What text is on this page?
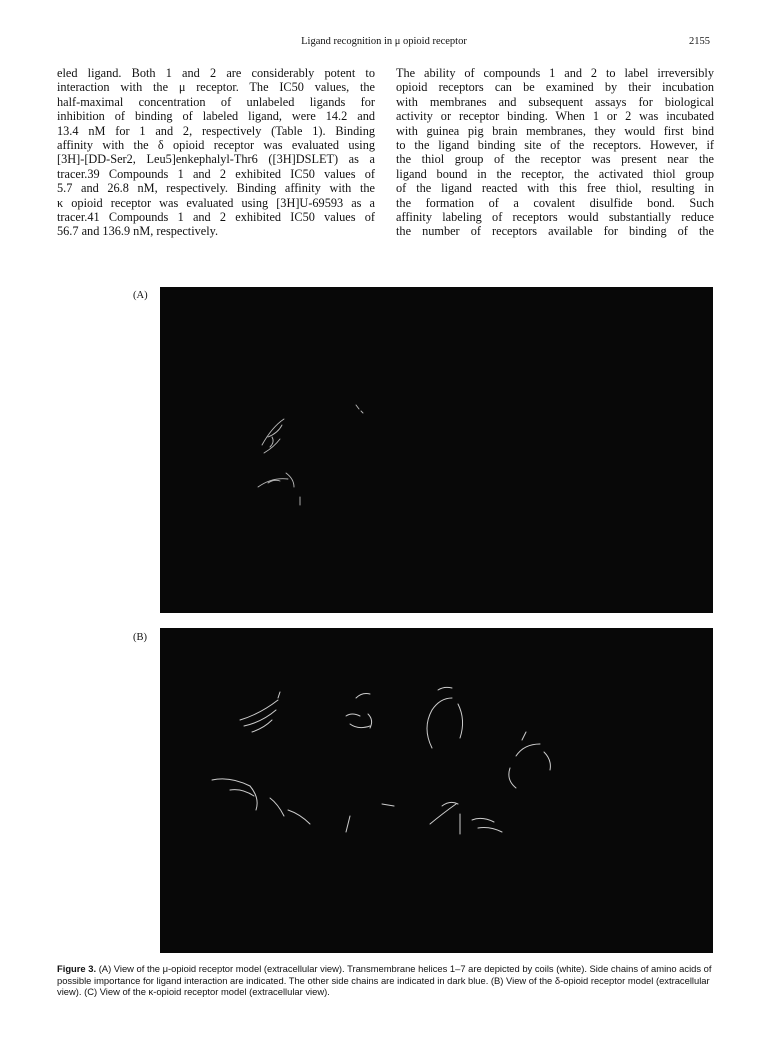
Ligand recognition in μ opioid receptor	2155
eled ligand. Both 1 and 2 are considerably potent to
interaction with the μ receptor. The IC50 values, the
half-maximal concentration of unlabeled ligands for
inhibition of binding of labeled ligand, were 14.2 and
13.4 nM for 1 and 2, respectively (Table 1). Binding
affinity with the δ opioid receptor was evaluated using
[3H]-[DD-Ser2, Leu5]enkephalyl-Thr6 ([3H]DSLET) as a
tracer.39 Compounds 1 and 2 exhibited IC50 values of
5.7 and 26.8 nM, respectively. Binding affinity with the
κ opioid receptor was evaluated using [3H]U-69593 as a
tracer.41 Compounds 1 and 2 exhibited IC50 values of
56.7 and 136.9 nM, respectively.
The ability of compounds 1 and 2 to label irreversibly
opioid receptors can be examined by their incubation
with membranes and subsequent assays for biological
activity or receptor binding. When 1 or 2 was incubated
with guinea pig brain membranes, they would first bind
to the ligand binding site of the receptors. However, if
the thiol group of the receptor was present near the
ligand bound in the receptor, the activated thiol group
of the ligand reacted with this free thiol, resulting in
the formation of a covalent disulfide bond. Such
affinity labeling of receptors would substantially reduce
the number of receptors available for binding of the
(A)
(B)
Figure 3. (A) View of the μ-opioid receptor model (extracellular view). Transmembrane helices 1–7 are depicted by coils (white). Side chains of amino acids of possible importance for ligand interaction are indicated. The other side chains are indicated in dark blue. (B) View of the δ-opioid receptor model (extracellular view). (C) View of the κ-opioid receptor model (extracellular view).
